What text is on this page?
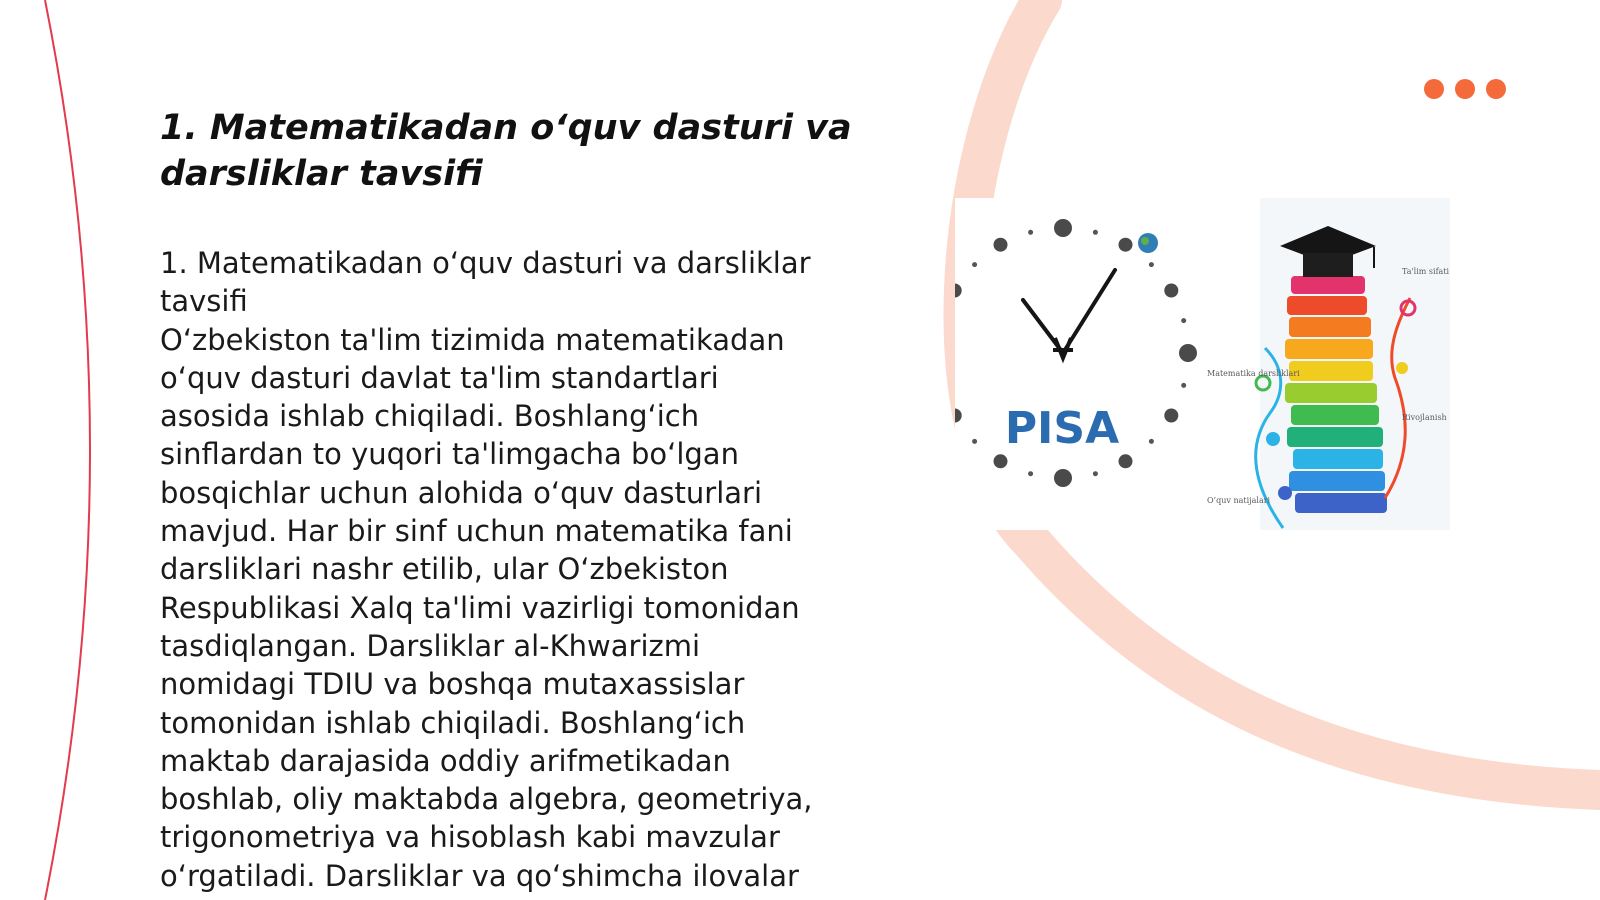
1. Matematikadan o‘quv dasturi va darsliklar tavsifi
1. Matematikadan o‘quv dasturi va darsliklar
tavsifi
O‘zbekiston ta'lim tizimida matematikadan
o‘quv dasturi davlat ta'lim standartlari
asosida ishlab chiqiladi. Boshlang‘ich
sinflardan to yuqori ta'limgacha bo‘lgan
bosqichlar uchun alohida o‘quv dasturlari
mavjud. Har bir sinf uchun matematika fani
darsliklari nashr etilib, ular O‘zbekiston
Respublikasi Xalq ta'limi vazirligi tomonidan
tasdiqlangan. Darsliklar al-Khwarizmi
nomidagi TDIU va boshqa mutaxassislar
tomonidan ishlab chiqiladi. Boshlang‘ich
maktab darajasida oddiy arifmetikadan
boshlab, oliy maktabda algebra, geometriya,
trigonometriya va hisoblash kabi mavzular
o‘rgatiladi. Darsliklar va qo‘shimcha ilovalar
PISA
Ta'lim sifati
Matematika darsliklari
Rivojlanish
O‘quv natijalari
